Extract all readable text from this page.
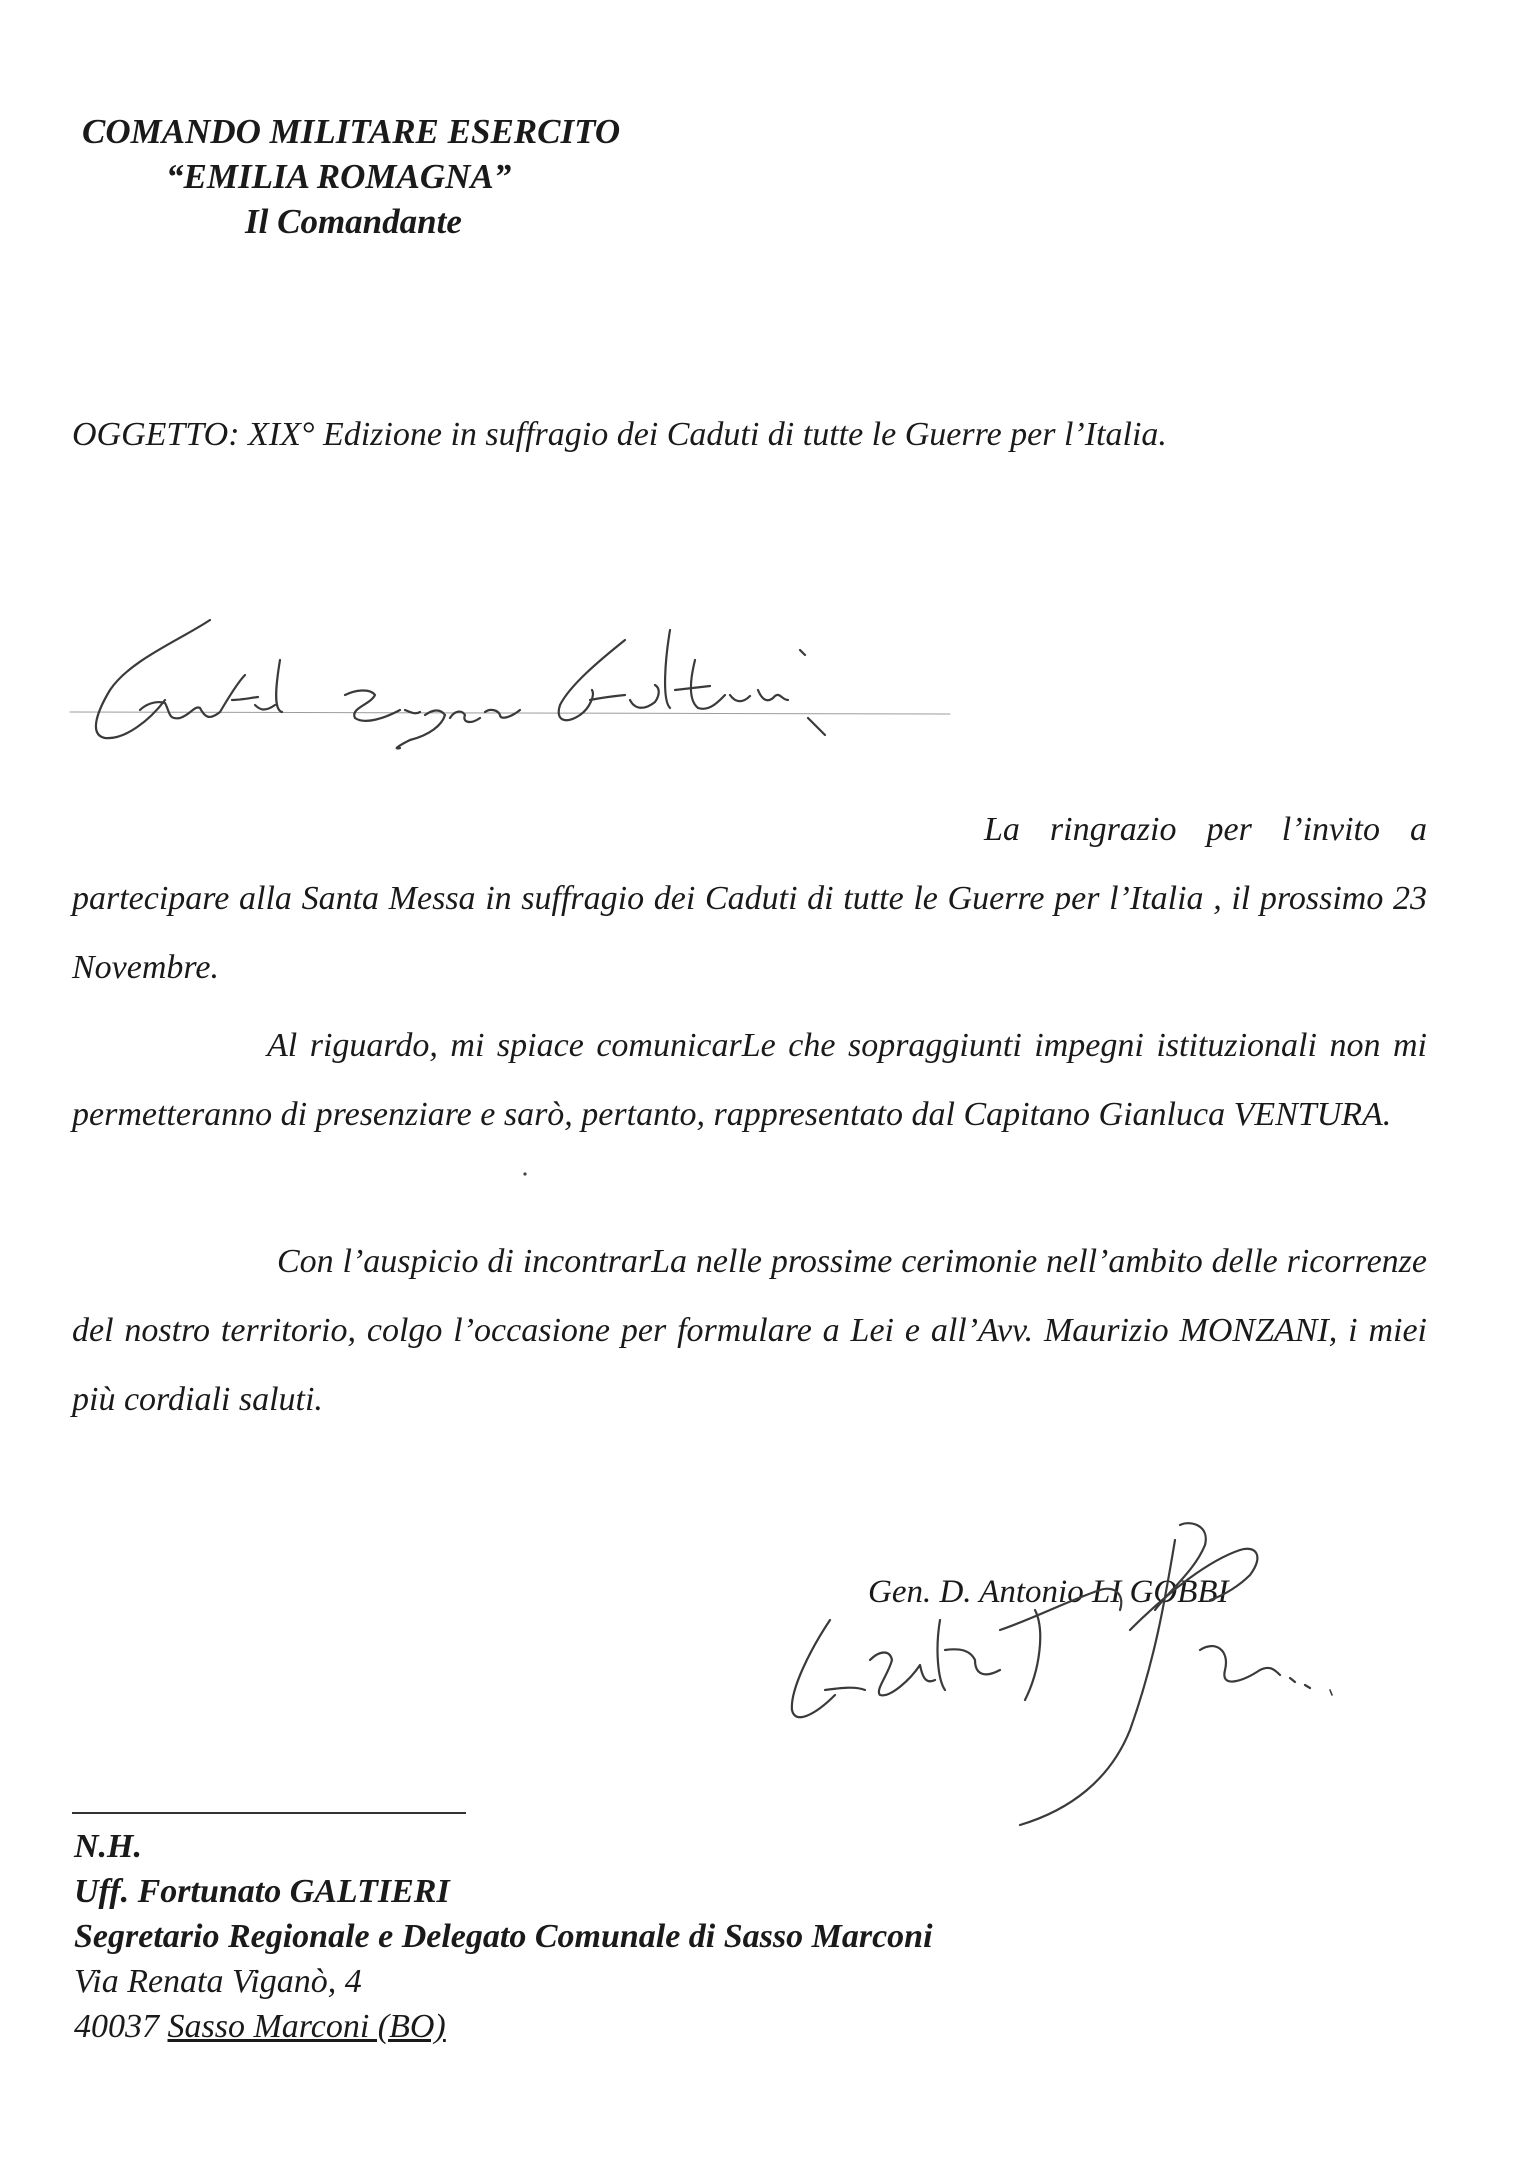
COMANDO MILITARE ESERCITO
“EMILIA ROMAGNA”
Il Comandante
OGGETTO: XIX° Edizione in suffragio dei Caduti di tutte le Guerre per l’Italia.
La ringrazio per l’invito a partecipare alla Santa Messa in suffragio dei Caduti di tutte le Guerre per l’Italia , il prossimo 23 Novembre.
Al riguardo, mi spiace comunicarLe che sopraggiunti impegni istituzionali non mi permetteranno di presenziare e sarò, pertanto, rappresentato dal Capitano Gianluca VENTURA.
Con l’auspicio di incontrarLa nelle prossime cerimonie nell’ambito delle ricorrenze del nostro territorio, colgo l’occasione per formulare a Lei e all’Avv. Maurizio MONZANI, i miei più cordiali saluti.
Gen. D. Antonio LI GOBBI
N.H.
Uff. Fortunato GALTIERI
Segretario Regionale e Delegato Comunale di Sasso Marconi
Via Renata Viganò, 4
40037 Sasso Marconi (BO)
